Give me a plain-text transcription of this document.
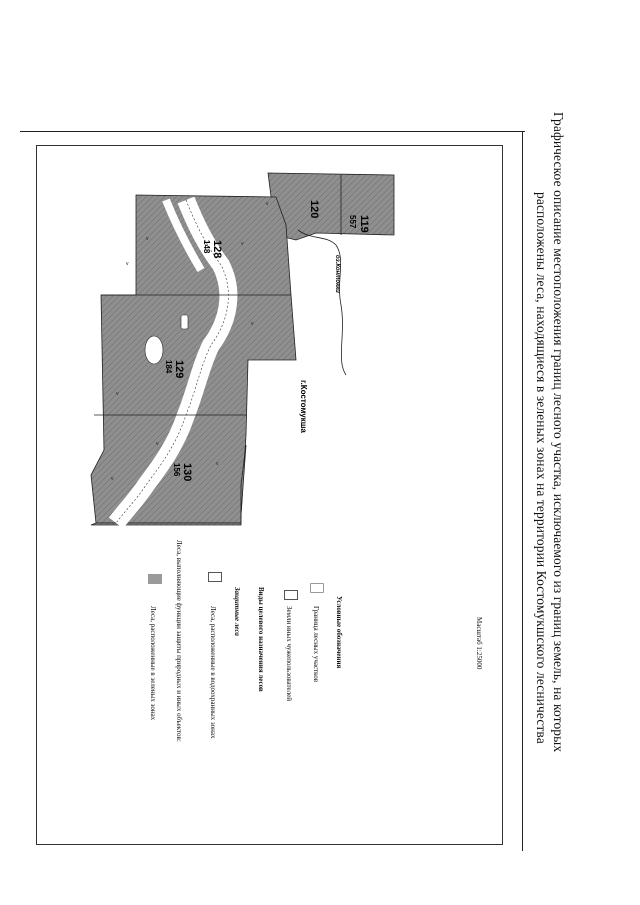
Графическое описание местоположения границ лесного участка, исключаемого из границ земель, на которых
расположены леса, находящиеся в зеленых зонах на территории Костомукшского лесничества
v
v
v
v
v
v
v
v
v
119
557
120
128
148
129
184
130
156
оз.Контокки
г.Костомукша
Масштаб 1:25000
Условные обозначения
Граница лесных участков
Земли иных чужепользователей
Виды целевого назначения лесов
Защитные леса
Леса, расположенные в водоохранных зонах
Леса, выполняющие функции защиты природных и иных объектов:
Леса, расположенные в зеленых зонах
